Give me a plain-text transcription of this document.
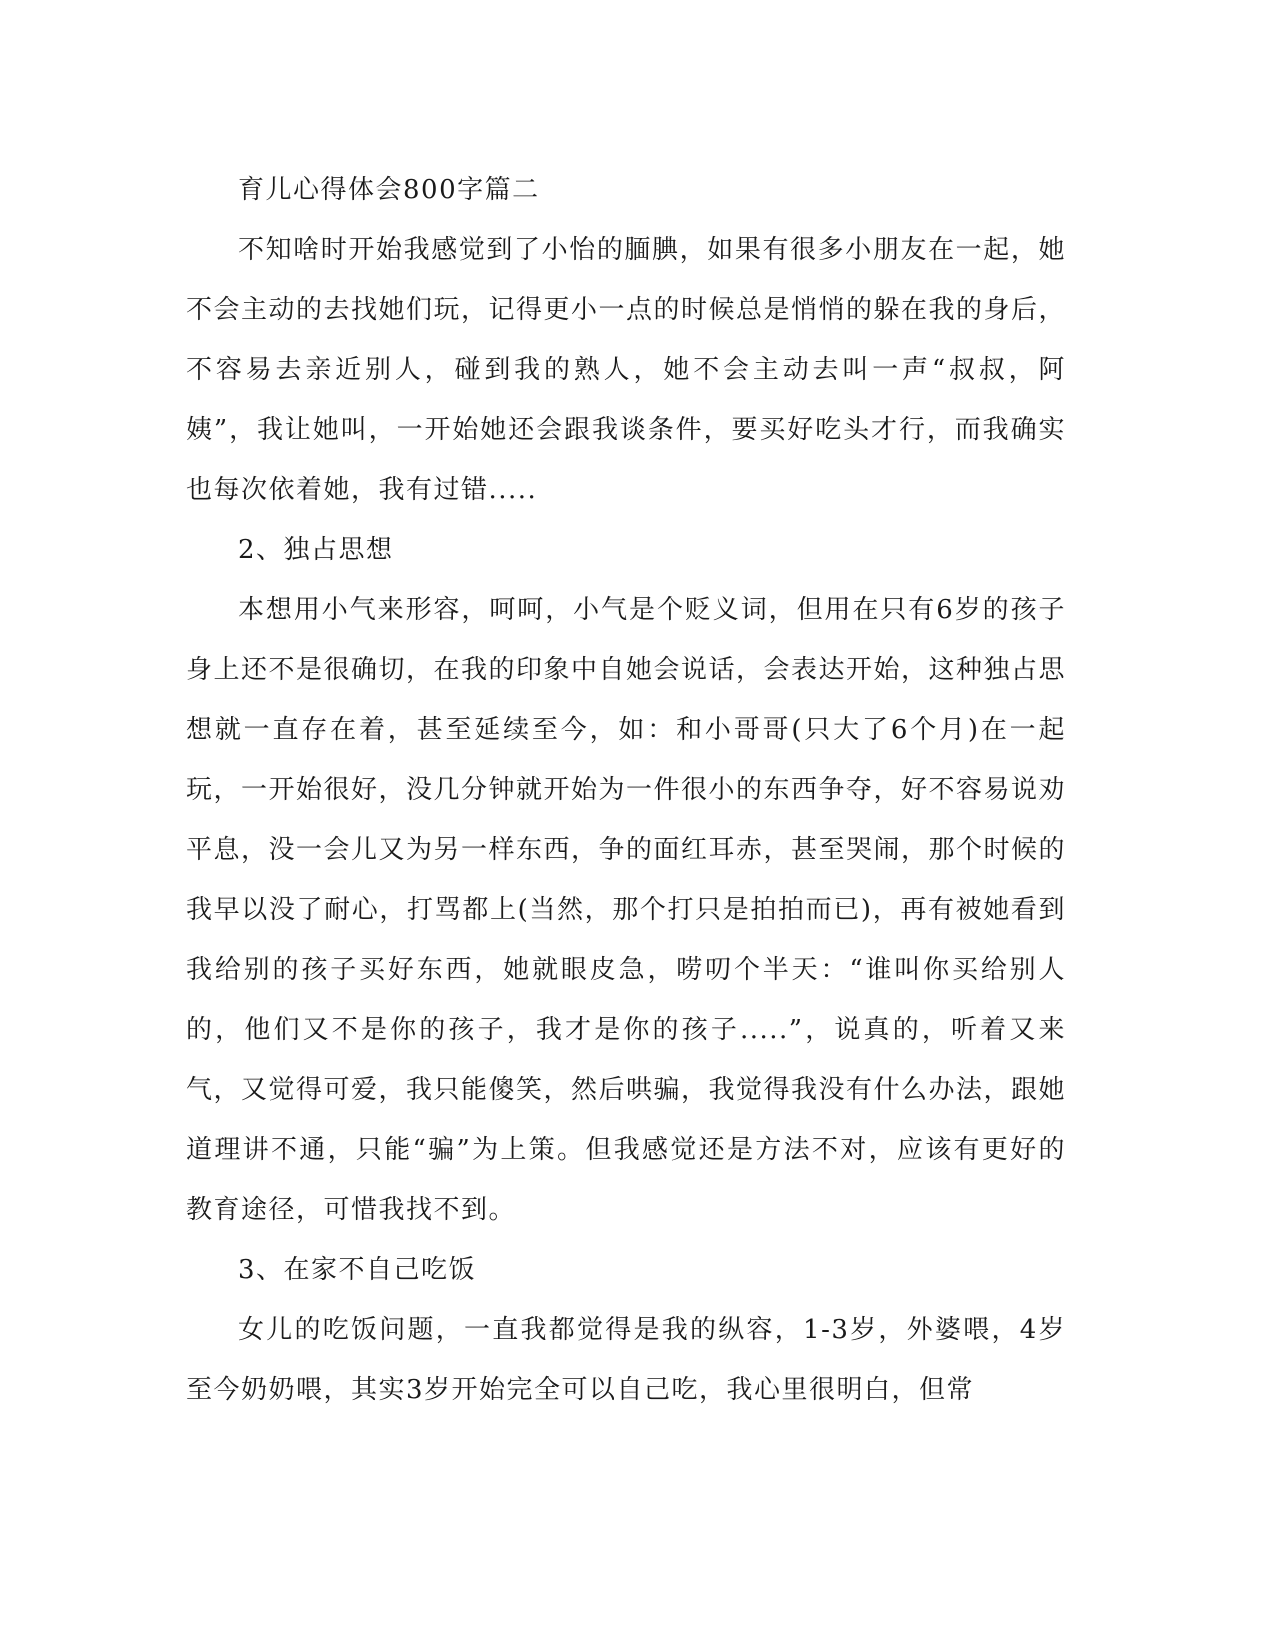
育儿心得体会800字篇二

不知啥时开始我感觉到了小怡的腼腆，如果有很多小朋友在一起，她不会主动的去找她们玩，记得更小一点的时候总是悄悄的躲在我的身后，不容易去亲近别人，碰到我的熟人，她不会主动去叫一声“叔叔，阿姨”，我让她叫，一开始她还会跟我谈条件，要买好吃头才行，而我确实也每次依着她，我有过错.....

2、独占思想

本想用小气来形容，呵呵，小气是个贬义词，但用在只有6岁的孩子身上还不是很确切，在我的印象中自她会说话，会表达开始，这种独占思想就一直存在着，甚至延续至今，如：和小哥哥(只大了6个月)在一起玩，一开始很好，没几分钟就开始为一件很小的东西争夺，好不容易说劝平息，没一会儿又为另一样东西，争的面红耳赤，甚至哭闹，那个时候的我早以没了耐心，打骂都上(当然，那个打只是拍拍而已)，再有被她看到我给别的孩子买好东西，她就眼皮急，唠叨个半天：“谁叫你买给别人的，他们又不是你的孩子，我才是你的孩子.....”，说真的，听着又来气，又觉得可爱，我只能傻笑，然后哄骗，我觉得我没有什么办法，跟她道理讲不通，只能“骗”为上策。但我感觉还是方法不对，应该有更好的教育途径，可惜我找不到。

3、在家不自己吃饭

女儿的吃饭问题，一直我都觉得是我的纵容，1-3岁，外婆喂，4岁至今奶奶喂，其实3岁开始完全可以自己吃，我心里很明白，但常
